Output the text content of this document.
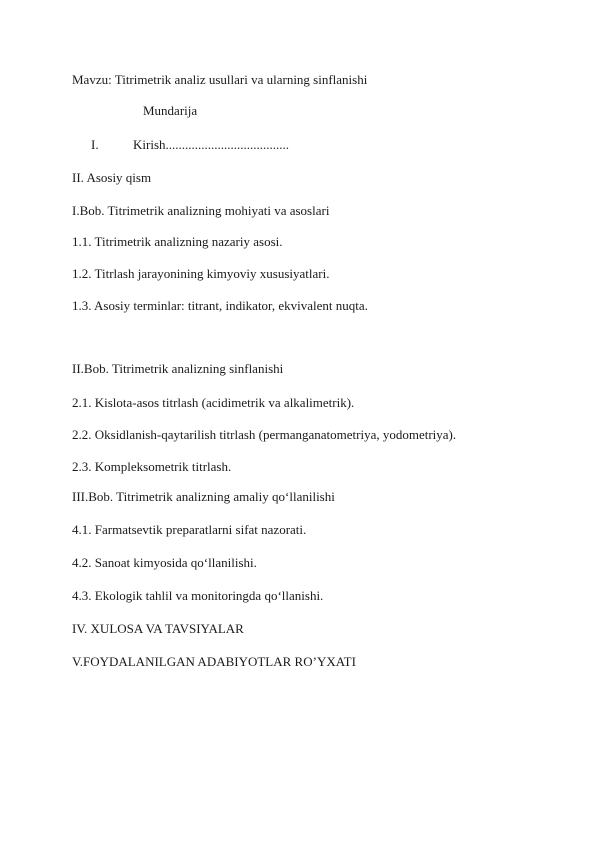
Mavzu: Titrimetrik analiz usullari va ularning sinflanishi
Mundarija
I.	Kirish......................................
II. Asosiy qism
I.Bob. Titrimetrik analizning mohiyati va asoslari
1.1. Titrimetrik analizning nazariy asosi.
1.2. Titrlash jarayonining kimyoviy xususiyatlari.
1.3. Asosiy terminlar: titrant, indikator, ekvivalent nuqta.
II.Bob. Titrimetrik analizning sinflanishi
2.1. Kislota-asos titrlash (acidimetrik va alkalimetrik).
2.2. Oksidlanish-qaytarilish titrlash (permanganatometriya, yodometriya).
2.3. Kompleksometrik titrlash.
III.Bob. Titrimetrik analizning amaliy qo‘llanilishi
4.1. Farmatsevtik preparatlarni sifat nazorati.
4.2. Sanoat kimyosida qo‘llanilishi.
4.3. Ekologik tahlil va monitoringda qo‘llanishi.
IV. XULOSA VA TAVSIYALAR
V.FOYDALANILGAN ADABIYOTLAR RO’YXATI
